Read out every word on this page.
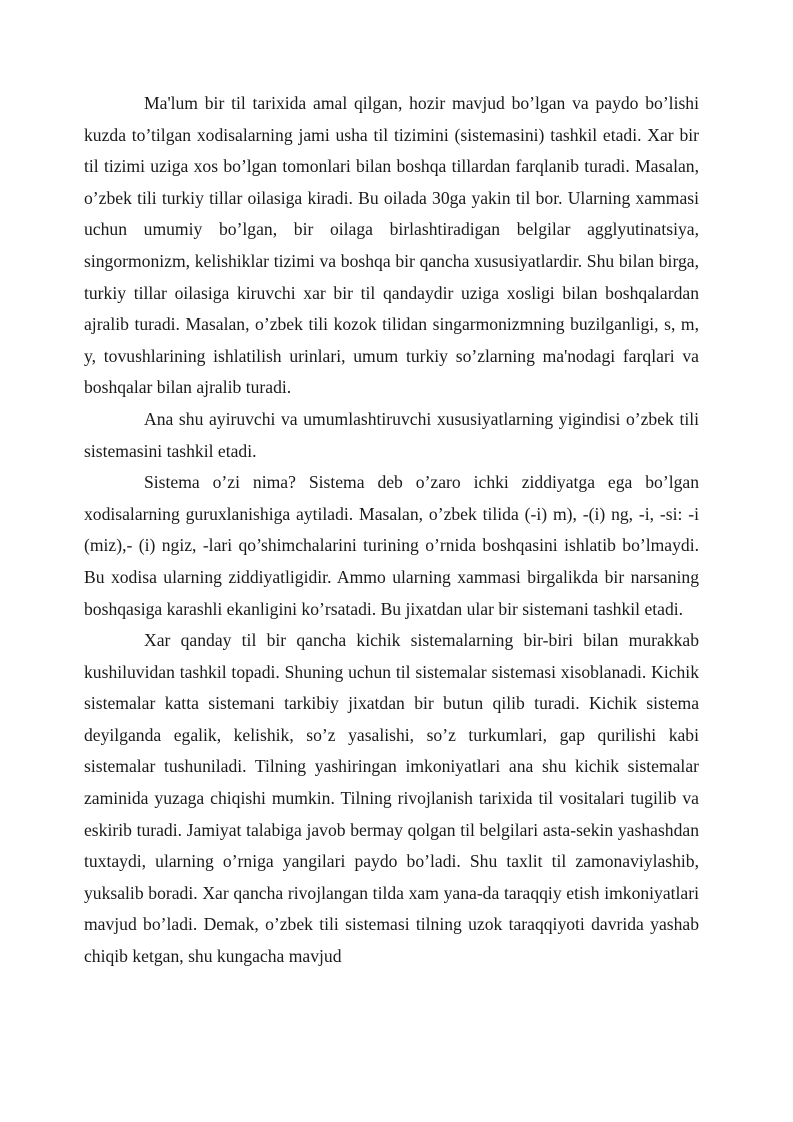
Ma'lum bir til tarixida amal qilgan, hozir mavjud bo’lgan va paydo bo’lishi kuzda to’tilgan xodisalarning jami usha til tizimini (sistemasini) tashkil etadi. Xar bir til tizimi uziga xos bo’lgan tomonlari bilan boshqa tillardan farqlanib turadi. Masalan, o’zbek tili turkiy tillar oilasiga kiradi. Bu oilada 30ga yakin til bor. Ularning xammasi uchun umumiy bo’lgan, bir oilaga birlashtiradigan belgilar agglyutinatsiya, singormonizm, kelishiklar tizimi va boshqa bir qancha xususiyatlardir. Shu bilan birga, turkiy tillar oilasiga kiruvchi xar bir til qandaydir uziga xosligi bilan boshqalardan ajralib turadi. Masalan, o’zbek tili kozok tilidan singarmonizmning buzilganligi, s, m, y, tovushlarining ishlatilish urinlari, umum turkiy so’zlarning ma'nodagi farqlari va boshqalar bilan ajralib turadi.

Ana shu ayiruvchi va umumlashtiruvchi xususiyatlarning yigindisi o’zbek tili sistemasini tashkil etadi.

Sistema o’zi nima? Sistema deb o’zaro ichki ziddiyatga ega bo’lgan xodisalarning guruxlanishiga aytiladi. Masalan, o’zbek tilida (-i) m), -(i) ng, -i, -si: -i (miz),- (i) ngiz, -lari qo’shimchalarini turining o’rnida boshqasini ishlatib bo’lmaydi. Bu xodisa ularning ziddiyatligidir. Ammo ularning xammasi birgalikda bir narsaning boshqasiga karashli ekanligini ko’rsatadi. Bu jixatdan ular bir sistemani tashkil etadi.

Xar qanday til bir qancha kichik sistemalarning bir-biri bilan murakkab kushiluvidan tashkil topadi. Shuning uchun til sistemalar sistemasi xisoblanadi. Kichik sistemalar katta sistemani tarkibiy jixatdan bir butun qilib turadi. Kichik sistema deyilganda egalik, kelishik, so’z yasalishi, so’z turkumlari, gap qurilishi kabi sistemalar tushuniladi. Tilning yashiringan imkoniyatlari ana shu kichik sistemalar zaminida yuzaga chiqishi mumkin. Tilning rivojlanish tarixida til vositalari tugilib va eskirib turadi. Jamiyat talabiga javob bermay qolgan til belgilari asta-sekin yashashdan tuxtaydi, ularning o’rniga yangilari paydo bo’ladi. Shu taxlit til zamonaviylashib, yuksalib boradi. Xar qancha rivojlangan tilda xam yana-da taraqqiy etish imkoniyatlari mavjud bo’ladi. Demak, o’zbek tili sistemasi tilning uzok taraqqiyoti davrida yashab chiqib ketgan, shu kungacha mavjud
